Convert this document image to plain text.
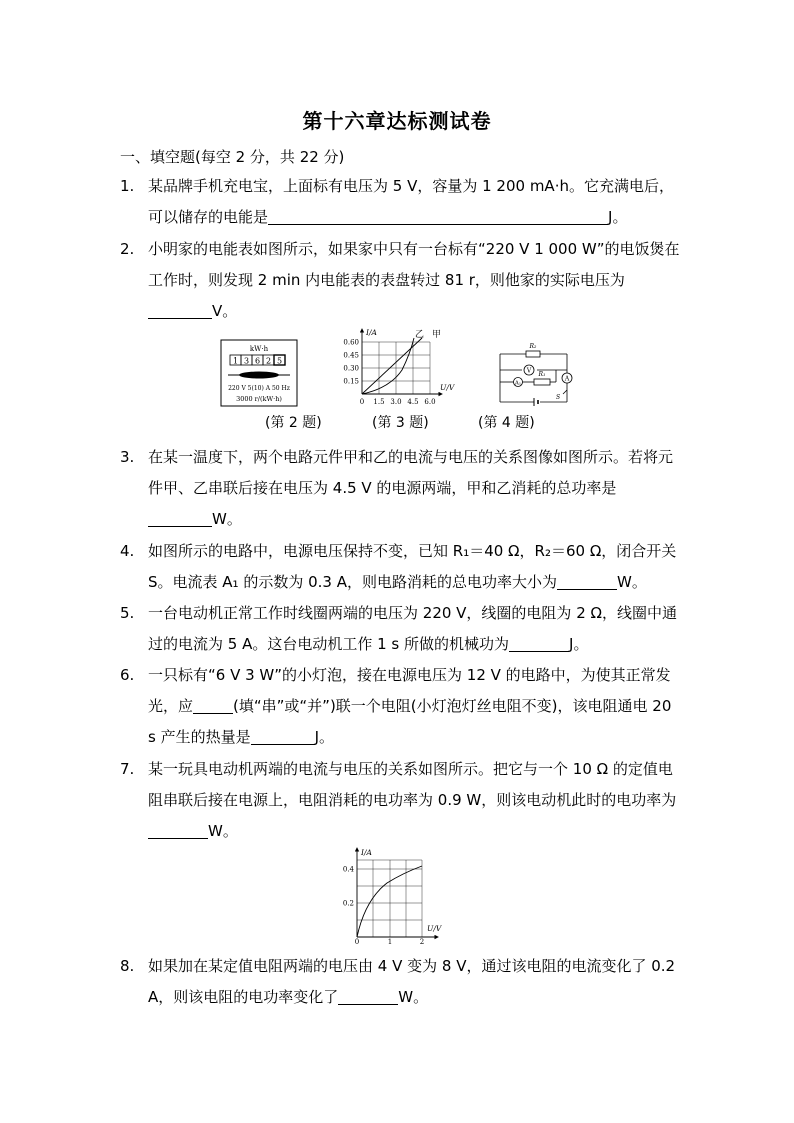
第十六章达标测试卷
一、填空题(每空 2 分，共 22 分)
1. 某品牌手机充电宝，上面标有电压为 5 V，容量为 1 200 mA·h。它充满电后，可以储存的电能是	J。
2. 小明家的电能表如图所示，如果家中只有一台标有“220 V 1 000 W”的电饭煲在工作时，则发现 2 min 内电能表的表盘转过 81 r，则他家的实际电压为V。
kW·h
1 3 6 2 5
220 V 5(10) A 50 Hz
3000 r/(kW·h)
I/A
U/V
0.60
0.45
0.30
0.15
0 1.5 3.0 4.5 6.0
乙 甲
R₂
V
A₁
R₁
A
S
(第 2 题)	(第 3 题)	(第 4 题)
3. 在某一温度下，两个电路元件甲和乙的电流与电压的关系图像如图所示。若将元件甲、乙串联后接在电压为 4.5 V 的电源两端，甲和乙消耗的总功率是W。
4. 如图所示的电路中，电源电压保持不变，已知 R₁＝40 Ω，R₂＝60 Ω，闭合开关 S。电流表 A₁ 的示数为 0.3 A，则电路消耗的总电功率大小为	W。
5. 一台电动机正常工作时线圈两端的电压为 220 V，线圈的电阻为 2 Ω，线圈中通过的电流为 5 A。这台电动机工作 1 s 所做的机械功为	J。
6. 一只标有“6 V 3 W”的小灯泡，接在电源电压为 12 V 的电路中，为使其正常发光，应	(填“串”或“并”)联一个电阻(小灯泡灯丝电阻不变)，该电阻通电 20 s 产生的热量是	J。
7. 某一玩具电动机两端的电流与电压的关系如图所示。把它与一个 10 Ω 的定值电阻串联后接在电源上，电阻消耗的电功率为 0.9 W，则该电动机此时的电功率为W。
I/A
U/V
0.4
0.2
0	1	2
8. 如果加在某定值电阻两端的电压由 4 V 变为 8 V，通过该电阻的电流变化了 0.2 A，则该电阻的电功率变化了	W。
